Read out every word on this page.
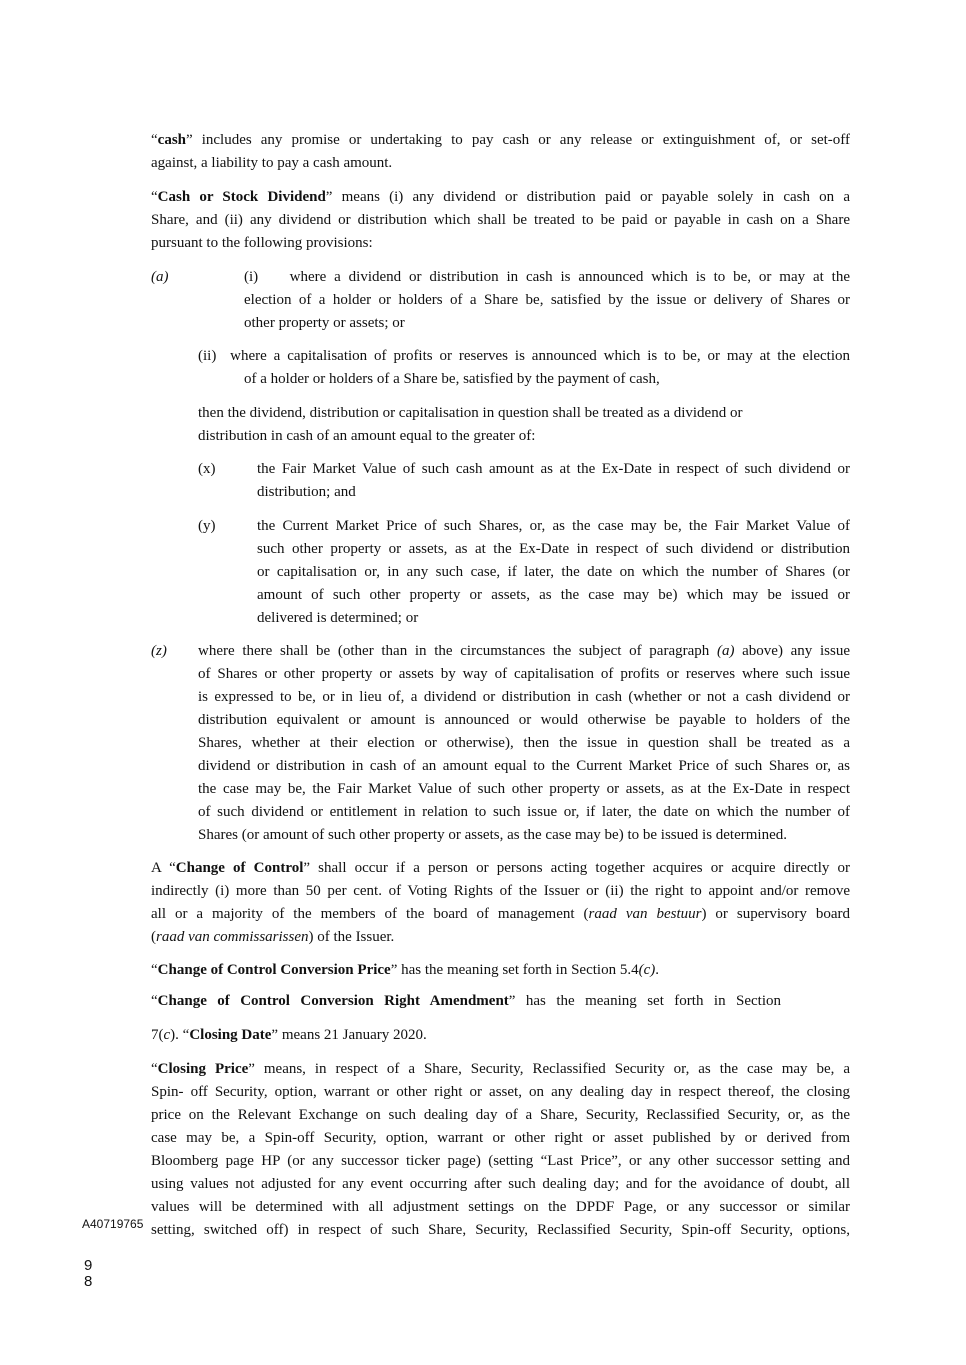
“cash” includes any promise or undertaking to pay cash or any release or extinguishment of, or set-off
against, a liability to pay a cash amount.
“Cash or Stock Dividend” means (i) any dividend or distribution paid or payable solely in cash on a
Share, and (ii) any dividend or distribution which shall be treated to be paid or payable in cash on a Share
pursuant to the following provisions:
(a)	(i)    where a dividend or distribution in cash is announced which is to be, or may at the
election of a holder or holders of a Share be, satisfied by the issue or delivery of Shares or
other property or assets; or
(ii)  where a capitalisation of profits or reserves is announced which is to be, or may at the election
of a holder or holders of a Share be, satisfied by the payment of cash,
then the dividend, distribution or capitalisation in question shall be treated as a dividend or
distribution in cash of an amount equal to the greater of:
(x)	the Fair Market Value of such cash amount as at the Ex-Date in respect of such dividend or
distribution; and
(y)	the Current Market Price of such Shares, or, as the case may be, the Fair Market Value of
such other property or assets, as at the Ex-Date in respect of such dividend or distribution
or capitalisation or, in any such case, if later, the date on which the number of Shares (or
amount of such other property or assets, as the case may be) which may be issued or
delivered is determined; or
(z) where there shall be (other than in the circumstances the subject of paragraph (a) above) any issue
of Shares or other property or assets by way of capitalisation of profits or reserves where such issue
is expressed to be, or in lieu of, a dividend or distribution in cash (whether or not a cash dividend or
distribution equivalent or amount is announced or would otherwise be payable to holders of the
Shares, whether at their election or otherwise), then the issue in question shall be treated as a
dividend or distribution in cash of an amount equal to the Current Market Price of such Shares or, as
the case may be, the Fair Market Value of such other property or assets, as at the Ex-Date in respect
of such dividend or entitlement in relation to such issue or, if later, the date on which the number of
Shares (or amount of such other property or assets, as the case may be) to be issued is determined.
A “Change of Control” shall occur if a person or persons acting together acquires or acquire directly or
indirectly (i) more than 50 per cent. of Voting Rights of the Issuer or (ii) the right to appoint and/or remove
all or a majority of the members of the board of management (raad van bestuur) or supervisory board
(raad van commissarissen) of the Issuer.
“Change of Control Conversion Price” has the meaning set forth in Section 5.4(c).
“Change of Control Conversion Right Amendment” has the meaning set forth in Section
7(c). “Closing Date” means 21 January 2020.
“Closing Price” means, in respect of a Share, Security, Reclassified Security or, as the case may be, a
Spin- off Security, option, warrant or other right or asset, on any dealing day in respect thereof, the closing
price on the Relevant Exchange on such dealing day of a Share, Security, Reclassified Security, or, as the
case may be, a Spin-off Security, option, warrant or other right or asset published by or derived from
Bloomberg page HP (or any successor ticker page) (setting “Last Price”, or any other successor setting and
using values not adjusted for any event occurring after such dealing day; and for the avoidance of doubt, all
values will be determined with all adjustment settings on the DPDF Page, or any successor or similar
setting, switched off) in respect of such Share, Security, Reclassified Security, Spin-off Security, options,
A40719765
98
